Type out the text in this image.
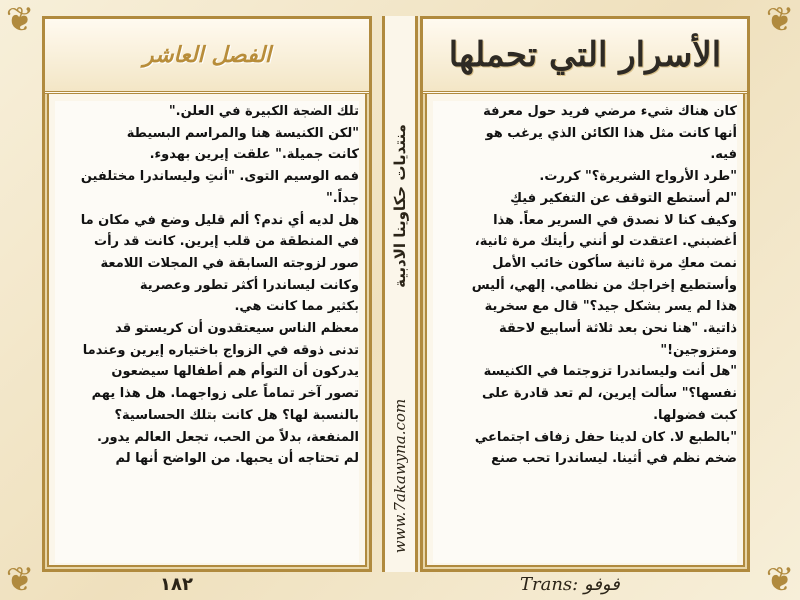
❦	❦
❦	❦
الفصل العاشر

تلك الضجة الكبيرة في العلن."

"لكن الكنيسة هنا والمراسم البسيطة

كانت جميلة." علقت إيرين بهدوء.

فمه الوسيم التوى. "أنتِ وليساندرا مختلفين

جداً."

هل لديه أي ندم؟ ألم قليل وضع في مكان ما

في المنطقة من قلب إيرين. كانت قد رأت

صور لزوجته السابقة في المجلات اللامعة

وكانت ليساندرا أكثر تطور وعصرية

بكثير مما كانت هي.

معظم الناس سيعتقدون أن كريستو قد

تدنى ذوقه في الزواج باختياره إيرين وعندما

يدركون أن التوأم هم أطفالها سيضعون

تصور آخر تماماً على زواجهما. هل هذا يهم

بالنسبة لها؟ هل كانت بتلك الحساسية؟

المنفعة، بدلاً من الحب، تجعل العالم يدور.

لم تحتاجه أن يحبها. من الواضح أنها لم

منتديات حكاوينا الادبية
www.7akawyna.com
الأسرار التي تحملها

كان هناك شيء مرضي فريد حول معرفة

أنها كانت مثل هذا الكائن الذي يرغب هو

فيه.

"طرد الأرواح الشريرة؟" كررت.

"لم أستطع التوقف عن التفكير فيكِ

وكيف كنا لا نصدق في السرير معاً. هذا

أغضبني. اعتقدت لو أنني رأيتك مرة ثانية،

نمت معكِ مرة ثانية سأكون خائب الأمل

وأستطيع إخراجك من نظامي. إلهي، أليس

هذا لم يسر بشكل جيد؟" قال مع سخرية

ذاتية. "هنا نحن بعد ثلاثة أسابيع لاحقة

ومتزوجين!"

"هل أنت وليساندرا تزوجتما في الكنيسة

نفسها؟" سألت إيرين، لم تعد قادرة على

كبت فضولها.

"بالطبع لا. كان لدينا حفل زفاف اجتماعي

ضخم نظم في أثينا. ليساندرا تحب صنع

١٨٢	Trans: فوفو
